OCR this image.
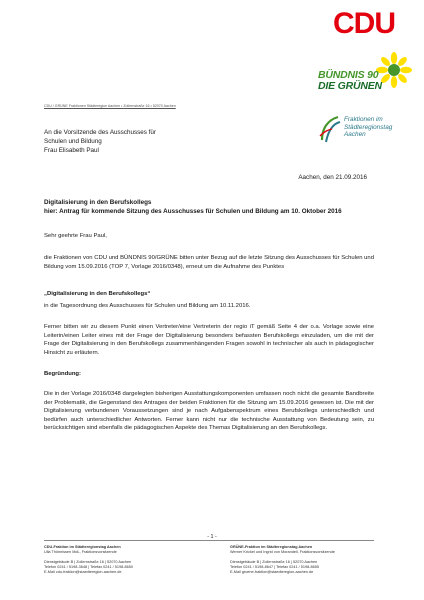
CDU
BÜNDNIS 90
DIE GRÜNEN
Fraktionen im
Städteregionstag
Aachen
CDU / GRÜNE Fraktionen Städteregion Aachen • Zollernstraße 16 • 52070 Aachen
An die Vorsitzende des Ausschusses für
Schulen und Bildung
Frau Elisabeth Paul
Aachen, den 21.09.2016
Digitalisierung in den Berufskollegs
hier: Antrag für kommende Sitzung des Ausschusses für Schulen und Bildung am 10. Oktober 2016
Sehr geehrte Frau Paul,
die Fraktionen von CDU und BÜNDNIS 90/GRÜNE bitten unter Bezug auf die letzte Sitzung des Ausschusses für Schulen und Bildung vom 15.09.2016 (TOP 7, Vorlage 2016/0348), erneut um die Aufnahme des Punktes
„Digitalisierung in den Berufskollegs“
in die Tagesordnung des Ausschusses für Schulen und Bildung am 10.11.2016.
Ferner bitten wir zu diesem Punkt einen Vertreter/eine Vertreterin der regio iT gemäß Seite 4 der o.a. Vorlage sowie eine Leiterin/einen Leiter eines mit der Frage der Digitalisierung besonders befassten Berufskollegs einzuladen, um die mit der Frage der Digitalisierung in den Berufskollegs zusammenhängenden Fragen sowohl in technischer als auch in pädagogischer Hinsicht zu erläutern.
Begründung:
Die in der Vorlage 2016/0348 dargelegten bisherigen Ausstattungskomponenten umfassen noch nicht die gesamte Bandbreite der Problematik, die Gegenstand des Antrages der beiden Fraktionen für die Sitzung am 15.09.2016 gewesen ist. Die mit der Digitalisierung verbundenen Voraussetzungen sind je nach Aufgabenspektrum eines Berufskollegs unterschiedlich und bedürfen auch unterschiedlicher Antworten. Ferner kann nicht nur die technische Ausstattung von Bedeutung sein, zu berücksichtigen sind ebenfalls die pädagogischen Aspekte des Themas Digitalisierung an den Berufskollegs.
- 1 -
CDU-Fraktion im Städteregionstag Aachen
Ulla Thönnissen MdL, Fraktionsvorsitzende
Dienstgebäude B | Zollernstraße 16 | 52070 Aachen
Telefon 0241 / 5198-3648 | Telefax 0241 / 5198-8650
E-Mail cdu-fraktion@staedteregion-aachen.de
GRÜNE-Fraktion im Städteregionstag Aachen
Werner Krickel und Ingrid von Morandell, Fraktionsvorsitzende
Dienstgebäude B | Zollernstraße 16 | 52070 Aachen
Telefon 0241 / 5198-8647 | Telefax 0241 / 5198-8655
E-Mail gruene-fraktion@staedteregion-aachen.de
